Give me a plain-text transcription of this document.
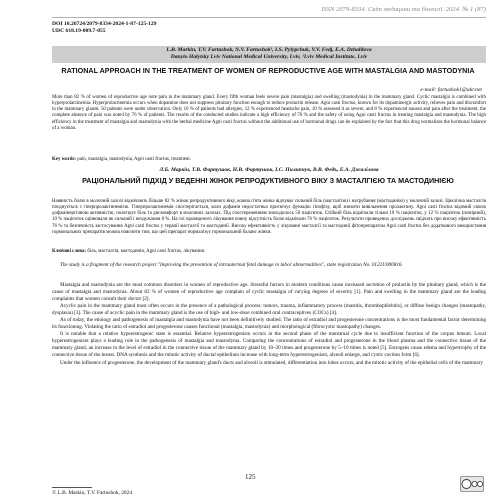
ISSN 2079-8334. Світ медицини та біології. 2024. № 1 (87)
DOI 10.26724/2079-8334-2024-1-87-125-129
UDC 618.19-009.7-055
L.B. Markin, T.V. Fartushok, N.V. Fartushok¹, I.S. Pylypchuk, V.V. Fedj, E.A. Dzhalilova
Danylo Halytsky Lviv National Medical University, Lviv, ¹Lviv Medical Institute, Lviv
RATIONAL APPROACH IN THE TREATMENT OF WOMEN OF REPRODUCTIVE AGE WITH MASTALGIA AND MASTODYNIA
e-mail: fartushok1@ukr.net
More than 82 % of women of reproductive age note pain in the mammary gland. Every fifth woman feels severe pain (mastalgia) and swelling (mastodynia) in the mammary gland. Cyclic mastalgia is combined with hyperprolactinemia. Hyperprolactinemia occurs when dopamine does not suppress pituitary function enough to reduce prolactin release. Agni casti fructus, known for its dopaminergic activity, relieves pain and discomfort in the mammary glands. 50 patients were under observation. Only 10 % of patients had allergies, 12 % experienced headache pain, 10 % assessed it as severe, and 8 % experienced nausea and pain after the treatment, the complete absence of pain was noted by 76 % of patients. The results of the conducted studies indicate a high efficiency of 76 % and the safety of using Agni casti fructus in treating mastalgia and mastodynia. The high efficiency in the treatment of mastalgia and mastodynia with the herbal medicine Agni casti fructus without the additional use of hormonal drugs can be explained by the fact that this drug normalizes the hormonal balance of a woman.
Key words: pain, mastalgia, mastodynia, Agni casti fructus, treatment.
Л.Б. Маркін, Т.В. Фартушок, Н.В. Фартушок, І.С. Пилипчук, В.В. Федь, Е.А. Джалілова
РАЦІОНАЛЬНИЙ ПІДХІД У ВЕДЕННІ ЖІНОК РЕПРОДУКТИВНОГО ВІКУ З МАСТАЛГІЄЮ ТА МАСТОДИНІЄЮ
Наявність болю в молочній залозі відмічають більше 82 % жінок репродуктивного віку, кожна п'ята жінка відчуває сильний біль (масталгію) і нагрубання (мастодинію) у молочній залозі. Циклічна масталгія поєднується з гіперпролактинемією. Гіперпролактинемія спостерігається, коли дофамін недостатньо пригнічує функцію гіпофізу, щоб знизити вивільнення пролактину. Agni casti fructus відомий своєю дофамінергічною активністю, полегшує біль та дискомфорт в молочних залозах. Під спостереженням знаходилось 50 пацієнток. Стійкий біль відмічали тільки 10 % пацієнток, у 12 % пацієнток (помірний), 10 % пацієнток оцінювали як сильний і нездужання 8 %. На тлі проведеного лікування повну відсутність болю відмічали 76 % пацієнток. Результати проведених досліджень свідчать про високу ефективність 76 % та безпечність застосування Agni casti fructus у терапії масталгії та мастодинії. Високу ефективність у лікуванні масталгії та мастодинії фітопрепаратом Agni casti fructus без додаткового використання гормональних препаратів можна пояснити тим, що цей препарат нормалізує гормональний баланс жінки.
Ключові слова: біль, масталгія, мастодинія, Agni casti fructus, лікування.
The study is a fragment of the research project "Improving the prevention of intrauterinal fetal damage in labor abnormalities", state registration No. 0122U000816.

Mastalgia and mastodynia are the most common disorders in women of reproductive age. Stressful factors in modern conditions cause increased secretion of prolactin by the pituitary gland, which is the cause of mastalgia and mastodynia. About 82 % of women of reproductive age complain of cyclic mastalgia of varying degrees of severity [1]. Pain and swelling in the mammary gland are the leading complaints that women consult their doctor [2].

Acyclic pain in the mammary gland most often occurs in the presence of a pathological process: tumors, trauma, inflammatory process (mastitis, thrombophlebitis), or diffuse benign changes (mastopathy, dysplasia) [3]. The cause of acyclic pain in the mammary gland is the use of high- and low-dose combined oral contraceptives (COCs) [4].

As of today, the etiology and pathogenesis of mastalgia and mastodynia have not been definitively studied. The ratio of estradiol and progesterone concentrations is the most fundamental factor determining its functioning. Violating the ratio of estradiol and progesterone causes functional (mastalgia, mastodynia) and morphological (fibrocystic mastopathy) changes.

It is notable that a relative hyperestrogenic state is essential. Relative hyperestrogenism occurs in the second phase of the menstrual cycle due to insufficient function of the corpus luteum. Local hyperestrogenism plays a leading role in the pathogenesis of mastalgia and mastodynia. Comparing the concentrations of estradiol and progesterone in the blood plasma and the connective tissue of the mammary gland, an increase in the level of estradiol in the connective tissue of the mammary gland by 10–20 times and progesterone by 5–10 times is noted [5]. Estrogens cause edema and hypertrophy of the connective tissue of the breast. DNA synthesis and the mitotic activity of ductal epithelium increase with long-term hyperestrogenism, alveoli enlarge, and cystic cavities form [6].

Under the influence of progesterone, the development of the mammary gland's ducts and alveoli is stimulated, differentiation into lobes occurs, and the mitotic activity of the epithelial cells of the mammary

125
© L.B. Markin, T.V. Fartushok, 2024
